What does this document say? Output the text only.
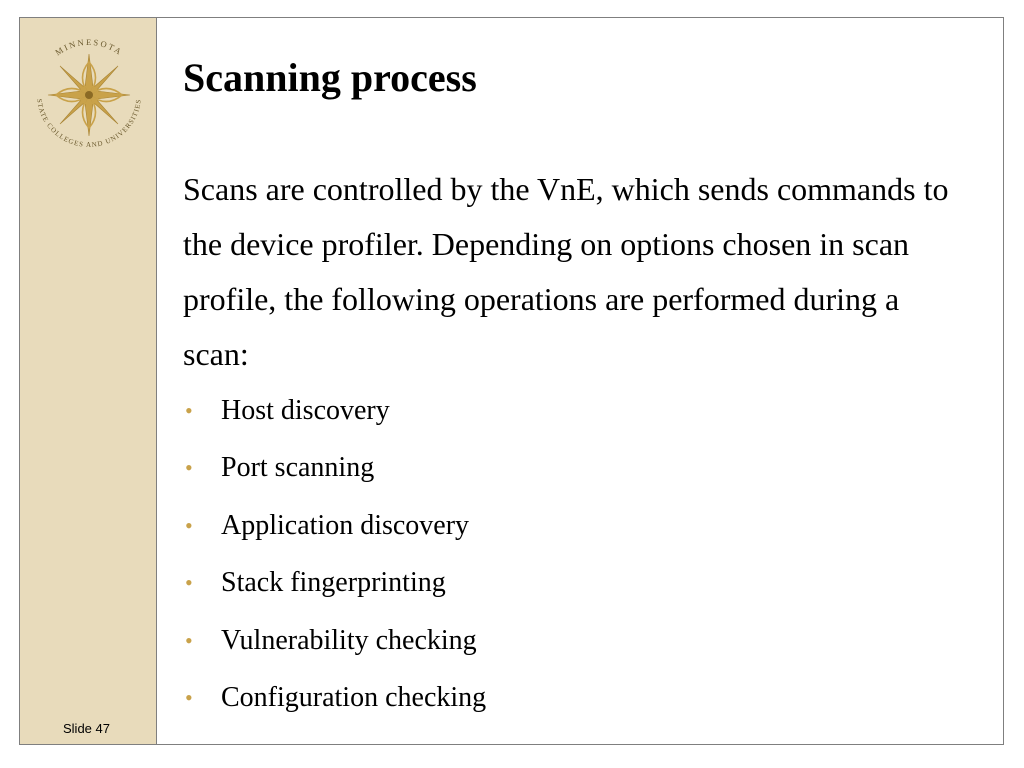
MINNESOTA
STATE COLLEGES AND UNIVERSITIES
Slide 47
Scanning process
Scans are controlled by the VnE, which sends commands to the device profiler. Depending on options chosen in scan profile, the following operations are performed during a scan:
• Host discovery
• Port scanning
• Application discovery
• Stack fingerprinting
• Vulnerability checking
• Configuration checking
